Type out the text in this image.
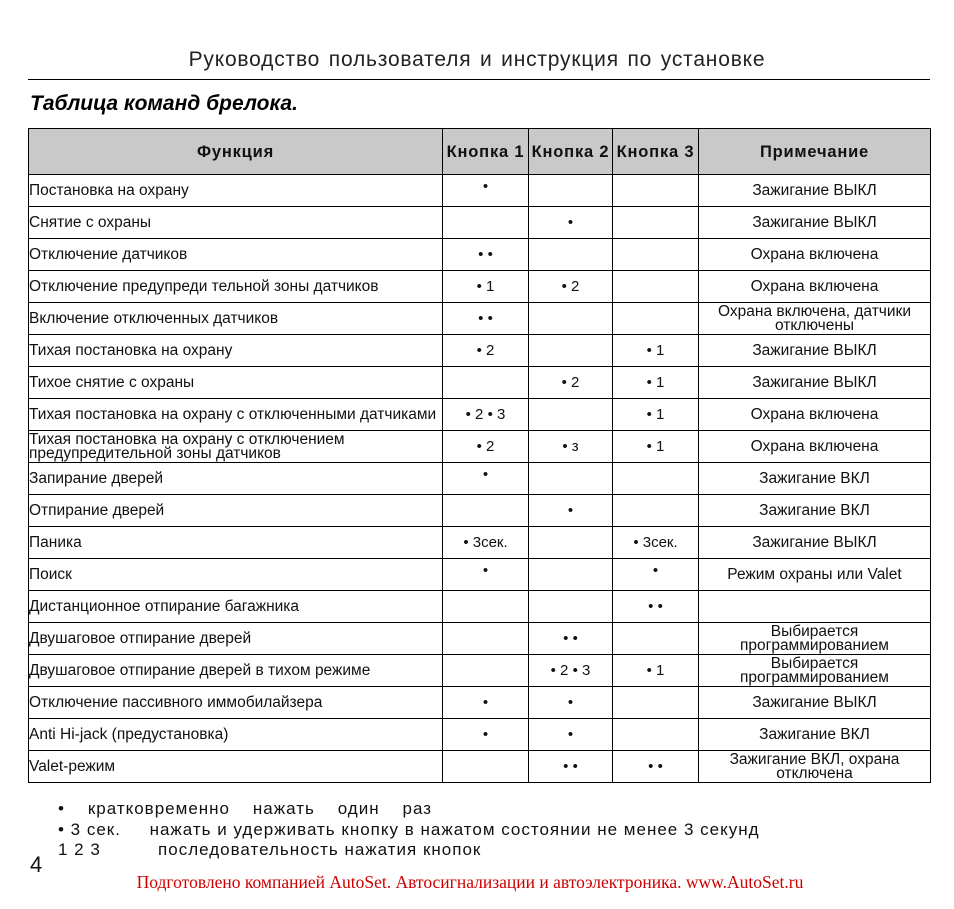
Руководство пользователя и инструкция по установке
Таблица команд брелока.
Функция	Кнопка 1	Кнопка 2	Кнопка 3	Примечание
Постановка на охрану	•			Зажигание ВЫКЛ
Снятие с охраны		•		Зажигание ВЫКЛ
Отключение датчиков	• •			Охрана включена
Отключение предупреди тельной зоны датчиков	• 1	• 2		Охрана включена
Включение отключенных датчиков	• •			Охрана включена, датчики отключены
Тихая постановка на охрану	• 2		• 1	Зажигание ВЫКЛ
Тихое снятие с охраны		• 2	• 1	Зажигание ВЫКЛ
Тихая постановка на охрану с отключенными датчиками	• 2 • 3		• 1	Охрана включена
Тихая постановка на охрану с отключением предупредительной зоны датчиков	• 2	• з	• 1	Охрана включена
Запирание дверей	•			Зажигание ВКЛ
Отпирание дверей		•		Зажигание ВКЛ
Паника	• 3сек.		• 3сек.	Зажигание ВЫКЛ
Поиск	•		•	Режим охраны или Valet
Дистанционное отпирание багажника			• •	
Двушаговое отпирание дверей		• •		Выбирается программированием
Двушаговое отпирание дверей в тихом режиме		• 2 • 3	• 1	Выбирается программированием
Отключение пассивного иммобилайзера	•	•		Зажигание ВЫКЛ
Anti Hi-jack (предустановка)	•	•		Зажигание ВКЛ
Valet-режим		• •	• •	Зажигание ВКЛ, охрана отключена
•    кратковременно    нажать    один    раз
• 3 сек.     нажать и удерживать кнопку в нажатом состоянии не менее 3 секунд
1 2 3          последовательность нажатия кнопок
4
Подготовлено компанией AutoSet. Автосигнализации и автоэлектроника. www.AutoSet.ru
